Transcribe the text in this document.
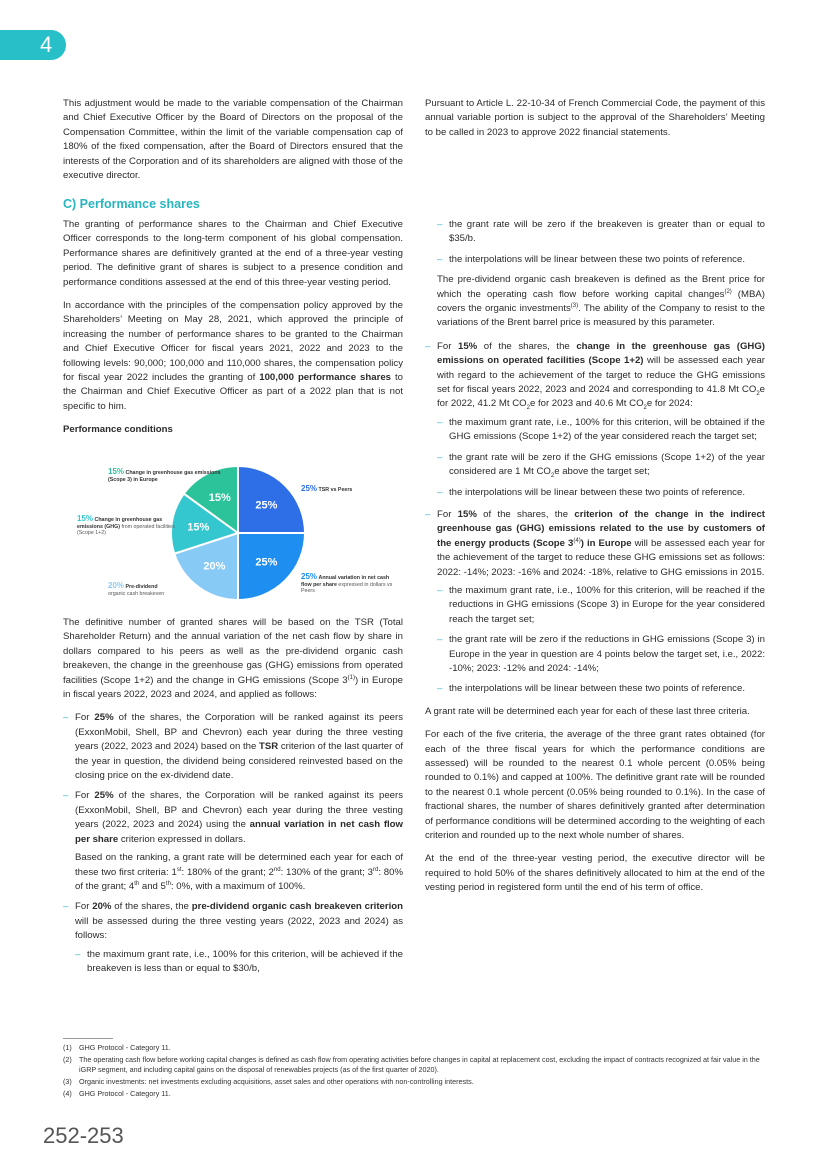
4

This adjustment would be made to the variable compensation of the Chairman and Chief Executive Officer by the Board of Directors on the proposal of the Compensation Committee, within the limit of the variable compensation cap of 180% of the fixed compensation, after the Board of Directors ensured that the interests of the Corporation and of its shareholders are aligned with those of the executive director.

Pursuant to Article L. 22-10-34 of French Commercial Code, the payment of this annual variable portion is subject to the approval of the Shareholders’ Meeting to be called in 2023 to approve 2022 financial statements.

C) Performance shares

The granting of performance shares to the Chairman and Chief Executive Officer corresponds to the long-term component of his global compensation. Performance shares are definitively granted at the end of a three-year vesting period. The definitive grant of shares is subject to a presence condition and performance conditions assessed at the end of this three-year vesting period.

In accordance with the principles of the compensation policy approved by the Shareholders’ Meeting on May 28, 2021, which approved the principle of increasing the number of performance shares to be granted to the Chairman and Chief Executive Officer for fiscal years 2021, 2022 and 2023 to the following levels: 90,000; 100,000 and 110,000 shares, the compensation policy for fiscal year 2022 includes the granting of 100,000 performance shares to the Chairman and Chief Executive Officer as part of a 2022 plan that is not specific to him.

Performance conditions

25%
25%
20%
15%
15%
15% Change in greenhouse gas emissions
(Scope 3) in Europe
15% Change in greenhouse gas emissions (GHG) from operated facilities (Scope 1+2)
20% Pre-dividend
organic cash breakeven
25% TSR vs Peers
25% Annual variation in net cash flow per share expressed in dollars vs Peers

The definitive number of granted shares will be based on the TSR (Total Shareholder Return) and the annual variation of the net cash flow by share in dollars compared to his peers as well as the pre-dividend organic cash breakeven, the change in the greenhouse gas (GHG) emissions from operated facilities (Scope 1+2) and the change in GHG emissions (Scope 3$^{(1)}$) in Europe in fiscal years 2022, 2023 and 2024, and applied as follows:

– For 25% of the shares, the Corporation will be ranked against its peers (ExxonMobil, Shell, BP and Chevron) each year during the three vesting years (2022, 2023 and 2024) based on the TSR criterion of the last quarter of the year in question, the dividend being considered reinvested based on the closing price on the ex-dividend date.
– For 25% of the shares, the Corporation will be ranked against its peers (ExxonMobil, Shell, BP and Chevron) each year during the three vesting years (2022, 2023 and 2024) using the annual variation in net cash flow per share criterion expressed in dollars.
Based on the ranking, a grant rate will be determined each year for each of these two first criteria: 1st: 180% of the grant; 2nd: 130% of the grant; 3rd: 80% of the grant; 4th and 5th: 0%, with a maximum of 100%.
– For 20% of the shares, the pre-dividend organic cash breakeven criterion will be assessed during the three vesting years (2022, 2023 and 2024) as follows:
– the maximum grant rate, i.e., 100% for this criterion, will be achieved if the breakeven is less than or equal to $30/b,
– the grant rate will be zero if the breakeven is greater than or equal to $35/b.
– the interpolations will be linear between these two points of reference.

The pre-dividend organic cash breakeven is defined as the Brent price for which the operating cash flow before working capital changes$^{(2)}$ (MBA) covers the organic investments$^{(3)}$. The ability of the Company to resist to the variations of the Brent barrel price is measured by this parameter.

– For 15% of the shares, the change in the greenhouse gas (GHG) emissions on operated facilities (Scope 1+2) will be assessed each year with regard to the achievement of the target to reduce the GHG emissions set for fiscal years 2022, 2023 and 2024 and corresponding to 41.8 Mt $CO_2e$ for 2022, 41.2 Mt $CO_2e$ for 2023 and 40.6 Mt $CO_2e$ for 2024:
– the maximum grant rate, i.e., 100% for this criterion, will be obtained if the GHG emissions (Scope 1+2) of the year considered reach the target set;
– the grant rate will be zero if the GHG emissions (Scope 1+2) of the year considered are 1 Mt $CO_2e$ above the target set;
– the interpolations will be linear between these two points of reference.
– For 15% of the shares, the criterion of the change in the indirect greenhouse gas (GHG) emissions related to the use by customers of the energy products (Scope 3$^{(4)}$) in Europe will be assessed each year for the achievement of the target to reduce these GHG emissions set as follows: 2022: -14%; 2023: -16% and 2024: -18%, relative to GHG emissions in 2015.
– the maximum grant rate, i.e., 100% for this criterion, will be reached if the reductions in GHG emissions (Scope 3) in Europe for the year considered reach the target set;
– the grant rate will be zero if the reductions in GHG emissions (Scope 3) in Europe in the year in question are 4 points below the target set, i.e., 2022: -10%; 2023: -12% and 2024: -14%;
– the interpolations will be linear between these two points of reference.

A grant rate will be determined each year for each of these last three criteria.

For each of the five criteria, the average of the three grant rates obtained (for each of the three fiscal years for which the performance conditions are assessed) will be rounded to the nearest 0.1 whole percent (0.05% being rounded to 0.1%) and capped at 100%. The definitive grant rate will be rounded to the nearest 0.1 whole percent (0.05% being rounded to 0.1%). In the case of fractional shares, the number of shares definitively granted after determination of performance conditions will be determined according to the weighting of each criterion and rounded up to the next whole number of shares.

At the end of the three-year vesting period, the executive director will be required to hold 50% of the shares definitively allocated to him at the end of the vesting period in registered form until the end of his term of office.

(1)	GHG Protocol - Category 11.
(2)	The operating cash flow before working capital changes is defined as cash flow from operating activities before changes in capital at replacement cost, excluding the impact of contracts recognized at fair value in the iGRP segment, and including capital gains on the disposal of renewables projects (as of the first quarter of 2020).
(3)	Organic investments: net investments excluding acquisitions, asset sales and other operations with non-controlling interests.
(4)	GHG Protocol - Category 11.
252-253
